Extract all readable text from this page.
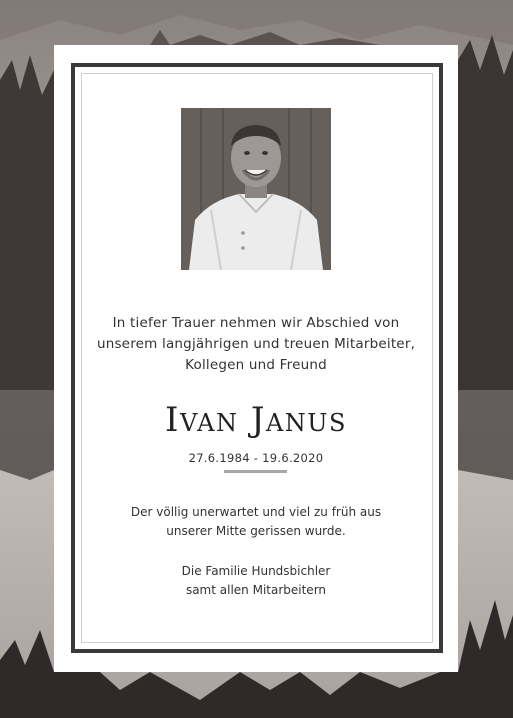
In tiefer Trauer nehmen wir Abschied von
unserem langjährigen und treuen Mitarbeiter,
Kollegen und Freund
Ivan Janus
27.6.1984 - 19.6.2020
Der völlig unerwartet und viel zu früh aus
unserer Mitte gerissen wurde.
Die Familie Hundsbichler
samt allen Mitarbeitern
